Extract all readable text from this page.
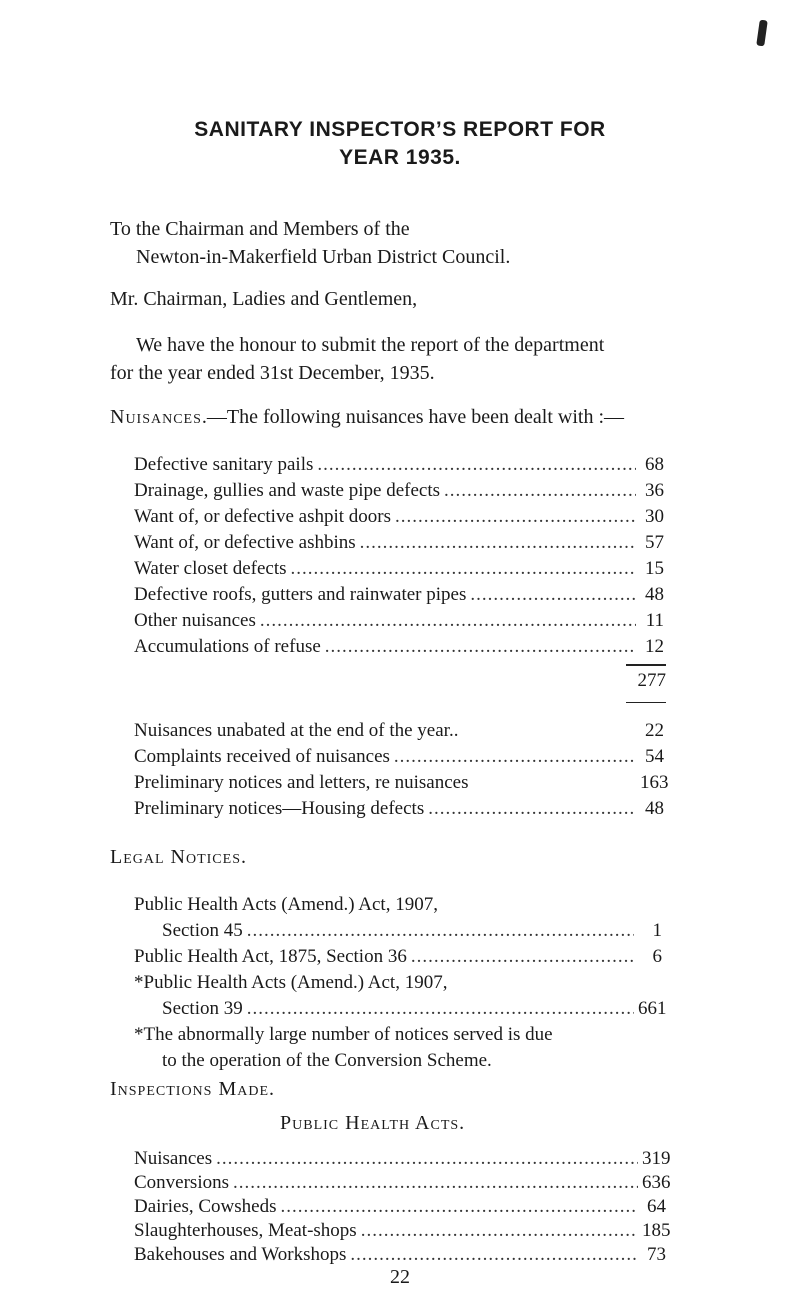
SANITARY INSPECTOR’S REPORT FOR
YEAR 1935.
To the Chairman and Members of the
Newton-in-Makerfield Urban District Council.
Mr. Chairman, Ladies and Gentlemen,
We have the honour to submit the report of the department
for the year ended 31st December, 1935.
Nuisances.—The following nuisances have been dealt with :—
Defective sanitary pails .....	68
Drainage, gullies and waste pipe defects .....	36
Want of, or defective ashpit doors .....	30
Want of, or defective ashbins .....	57
Water closet defects .....	15
Defective roofs, gutters and rainwater pipes .....	48
Other nuisances .....	11
Accumulations of refuse .....	12
277
Nuisances unabated at the end of the year..	22
Complaints received of nuisances .....	54
Preliminary notices and letters, re nuisances	163
Preliminary notices—Housing defects .....	48
Legal Notices.
Public Health Acts (Amend.) Act, 1907,
Section 45 .....	1
Public Health Act, 1875, Section 36 .....	6
*Public Health Acts (Amend.) Act, 1907,
Section 39 .....	661
*The abnormally large number of notices served is due
to the operation of the Conversion Scheme.
Inspections Made.
Public Health Acts.
Nuisances .....	319
Conversions .....	636
Dairies, Cowsheds .....	64
Slaughterhouses, Meat-shops .....	185
Bakehouses and Workshops .....	73
22
